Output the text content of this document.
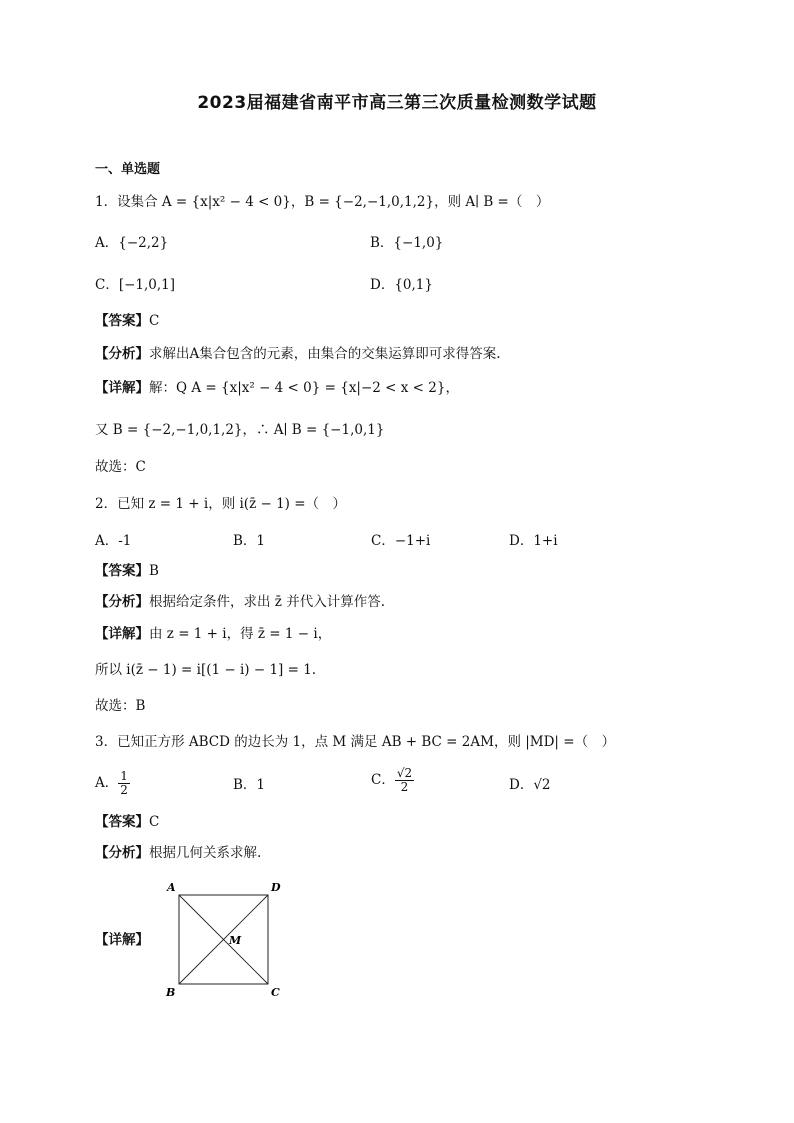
2023届福建省南平市高三第三次质量检测数学试题
一、单选题
1．设集合 A = {x|x² − 4 < 0}，B = {−2,−1,0,1,2}，则 A∣ B =（　）
A．{−2,2}	B．{−1,0}
C．[−1,0,1]	D．{0,1}
【答案】C
【分析】求解出A集合包含的元素，由集合的交集运算即可求得答案.
【详解】解：Q A = {x|x² − 4 < 0} = {x|−2 < x < 2}，
又 B = {−2,−1,0,1,2}，∴ A∣ B = {−1,0,1}
故选：C
2．已知 z = 1 + i，则 i(z̄ − 1) =（　）
A．-1	B．1	C．−1+i	D．1+i
【答案】B
【分析】根据给定条件，求出 z̄ 并代入计算作答.
【详解】由 z = 1 + i，得 z̄ = 1 − i，
所以 i(z̄ − 1) = i[(1 − i) − 1] = 1.
故选：B
3．已知正方形 ABCD 的边长为 1，点 M 满足 AB + BC = 2AM，则 |MD| =（　）
A． $\frac{1}{2}$	B．1	C． $\frac{√2}{2}$	D．√2
【答案】C
【分析】根据几何关系求解.
【详解】
A	D
B	C
M
